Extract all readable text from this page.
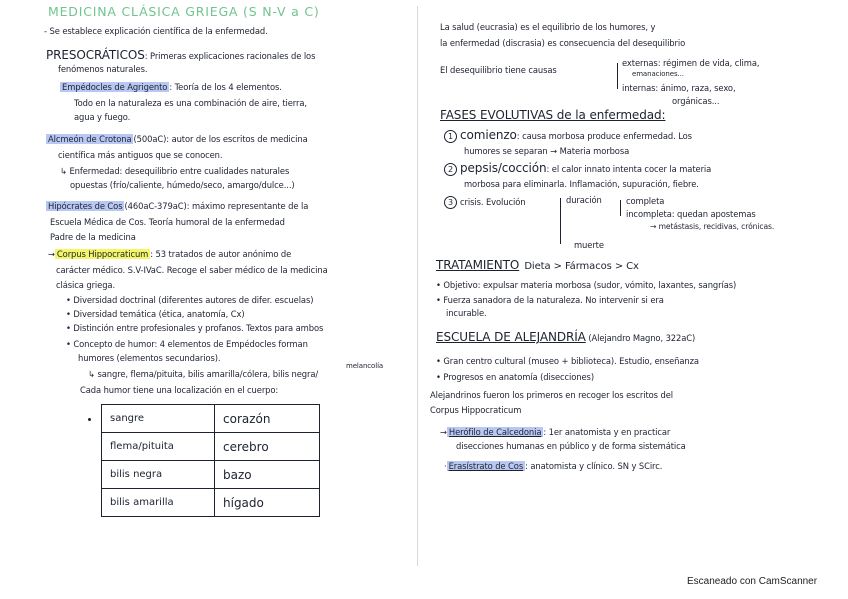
MEDICINA CLÁSICA GRIEGA (S N-V a C)
- Se establece explicación científica de la enfermedad.
PRESOCRÁTICOS: Primeras explicaciones racionales de los
fenómenos naturales.
Empédocles de Agrigento : Teoría de los 4 elementos.
Todo en la naturaleza es una combinación de aire, tierra,
agua y fuego.
Alcmeón de Crotona (500aC): autor de los escritos de medicina
científica más antiguos que se conocen.
↳ Enfermedad: desequilibrio entre cualidades naturales
opuestas (frío/caliente, húmedo/seco, amargo/dulce...)
Hipócrates de Cos (460aC-379aC): máximo representante de la
Escuela Médica de Cos. Teoría humoral de la enfermedad
Padre de la medicina
→ Corpus Hippocraticum : 53 tratados de autor anónimo de
carácter médico. S.V-IVaC. Recoge el saber médico de la medicina
clásica griega.
• Diversidad doctrinal (diferentes autores de difer. escuelas)
• Diversidad temática (ética, anatomía, Cx)
• Distinción entre profesionales y profanos. Textos para ambos
• Concepto de humor: 4 elementos de Empédocles forman
humores (elementos secundarios).
melancolía
↳ sangre, flema/pituita, bilis amarilla/cólera, bilis negra/
Cada humor tiene una localización en el cuerpo:
sangre	corazón
flema/pituita	cerebro
bilis negra	bazo
bilis amarilla	hígado
La salud (eucrasia) es el equilibrio de los humores, y
la enfermedad (discrasia) es consecuencia del desequilibrio
El desequilibrio tiene causas
externas: régimen de vida, clima,
emanaciones...
internas: ánimo, raza, sexo,
orgánicas...
FASES EVOLUTIVAS de la enfermedad:
1 comienzo: causa morbosa produce enfermedad. Los
humores se separan → Materia morbosa
2 pepsis/cocción: el calor innato intenta cocer la materia
morbosa para eliminarla. Inflamación, supuración, fiebre.
3 crisis. Evolución	duración	completa
incompleta: quedan apostemas
→ metástasis, recidivas, crónicas.
muerte
TRATAMIENTO Dieta > Fármacos > Cx
• Objetivo: expulsar materia morbosa (sudor, vómito, laxantes, sangrías)
• Fuerza sanadora de la naturaleza. No intervenir si era
incurable.
ESCUELA DE ALEJANDRÍA (Alejandro Magno, 322aC)
• Gran centro cultural (museo + biblioteca). Estudio, enseñanza
• Progresos en anatomía (disecciones)
Alejandrinos fueron los primeros en recoger los escritos del
Corpus Hippocraticum
→ Herófilo de Calcedonia : 1er anatomista y en practicar
disecciones humanas en público y de forma sistemática
· Erasístrato de Cos : anatomista y clínico. SN y SCirc.
Escaneado con CamScanner
